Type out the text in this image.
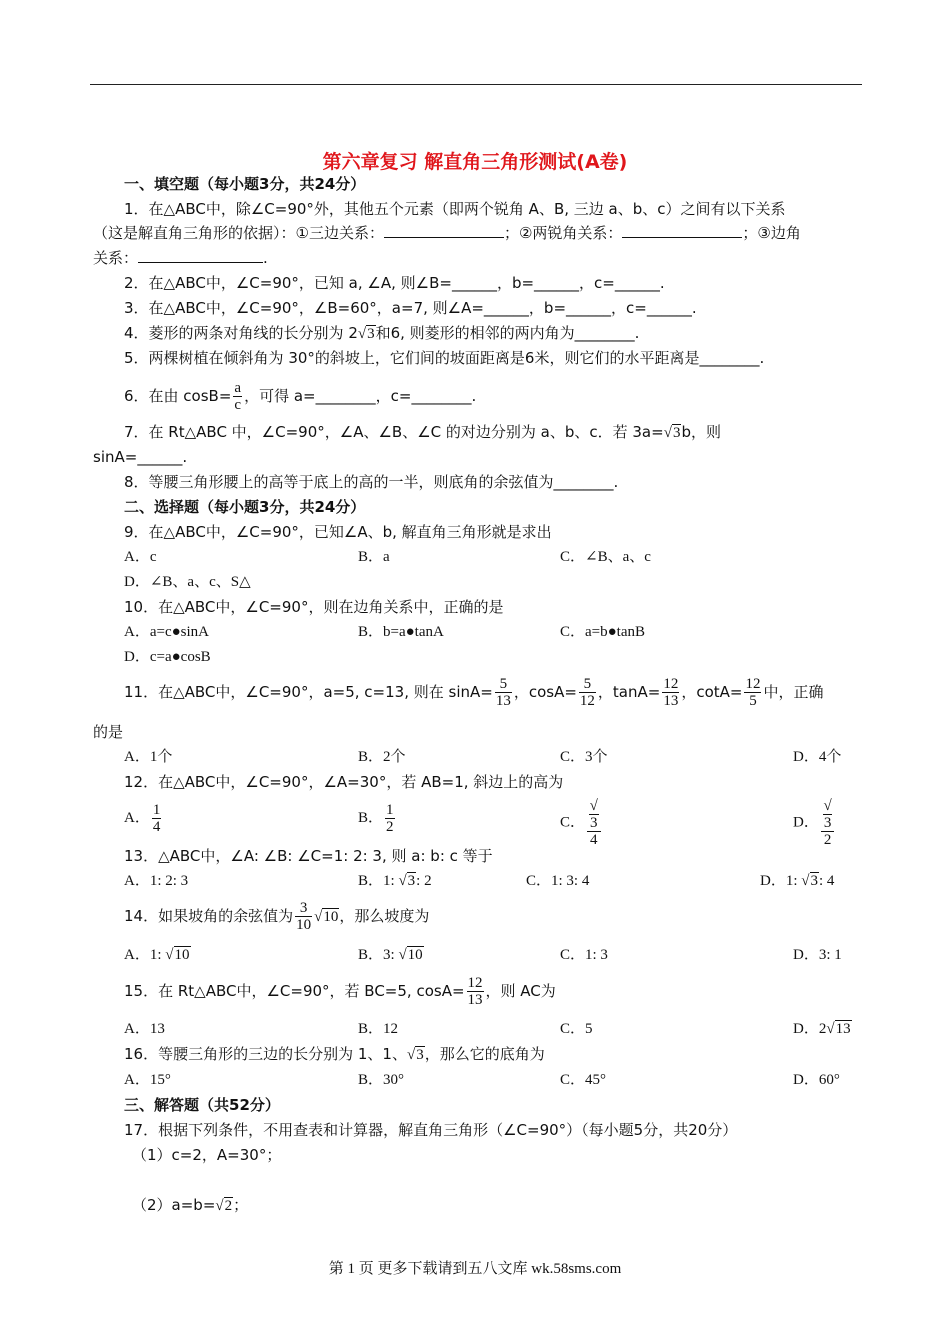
第六章复习 解直角三角形测试(A卷)
一、填空题（每小题3分，共24分）
1．在△ABC中，除∠C=90°外，其他五个元素（即两个锐角 A、B, 三边 a、b、c）之间有以下关系
（这是解直角三角形的依据）：①三边关系：	；②两锐角关系：	；③边角
关系：	.
2．在△ABC中，∠C=90°，已知 a, ∠A, 则∠B=______，b=______，c=______.
3．在△ABC中，∠C=90°，∠B=60°，a=7, 则∠A=______，b=______，c=______.
4．菱形的两条对角线的长分别为 2√3和6, 则菱形的相邻的两内角为________.
5．两棵树植在倾斜角为 30°的斜坡上，它们间的坡面距离是6米，则它们的水平距离是________.
6．在由 $\cos B= \frac{a}{c}$ ，可得 a=________，c=________.
7．在 Rt△ABC 中，∠C=90°，∠A、∠B、∠C 的对边分别为 a、b、c．若 3a=√3b，则
sinA=______.
8．等腰三角形腰上的高等于底上的高的一半，则底角的余弦值为________.
二、选择题（每小题3分，共24分）
9．在△ABC中，∠C=90°，已知∠A、b, 解直角三角形就是求出
A．c	B．a	C．∠B、a、c
D．∠B、a、c、S△
10．在△ABC中，∠C=90°，则在边角关系中，正确的是
A．a=c●sinA	B．b=a●tanA	C．a=b●tanB
D．c=a●cosB
11．在△ABC中，∠C=90°，a=5, c=13, 则在 $\sin A= \frac{5}{13}$ ，$\cos A= \frac{5}{12}$ ，$\tan A= \frac{12}{13}$ ，$\cot A= \frac{12}{5}$ 中，正确
的是
A．1个	B．2个	C．3个	D．4个
12．在△ABC中，∠C=90°，∠A=30°，若 AB=1, 斜边上的高为
A． $\frac{1}{4}$	B． $\frac{1}{2}$	C． √
3
4	D． √
3
2
13．△ABC中，∠A: ∠B: ∠C=1: 2: 3, 则 a: b: c 等于
A．1: 2: 3	B．1: √3: 2	C．1: 3: 4	D．1: √3: 4
14．如果坡角的余弦值为 $\frac{3}{10} √10$，那么坡度为
A．1: √10	B．3: √10	C．1: 3	D．3: 1
15．在 Rt△ABC中，∠C=90°，若 BC=5, $\cos A= \frac{12}{13}$ ，则 AC为
A．13	B．12	C．5	D．2√13
16．等腰三角形的三边的长分别为 1、1、√3，那么它的底角为
A．15°	B．30°	C．45°	D．60°
三、解答题（共52分）
17．根据下列条件，不用查表和计算器，解直角三角形（∠C=90°）（每小题5分，共20分）
（1）c=2，A=30°；
（2）a=b=√2；
第 1 页 更多下载请到五八文库 wk.58sms.com
